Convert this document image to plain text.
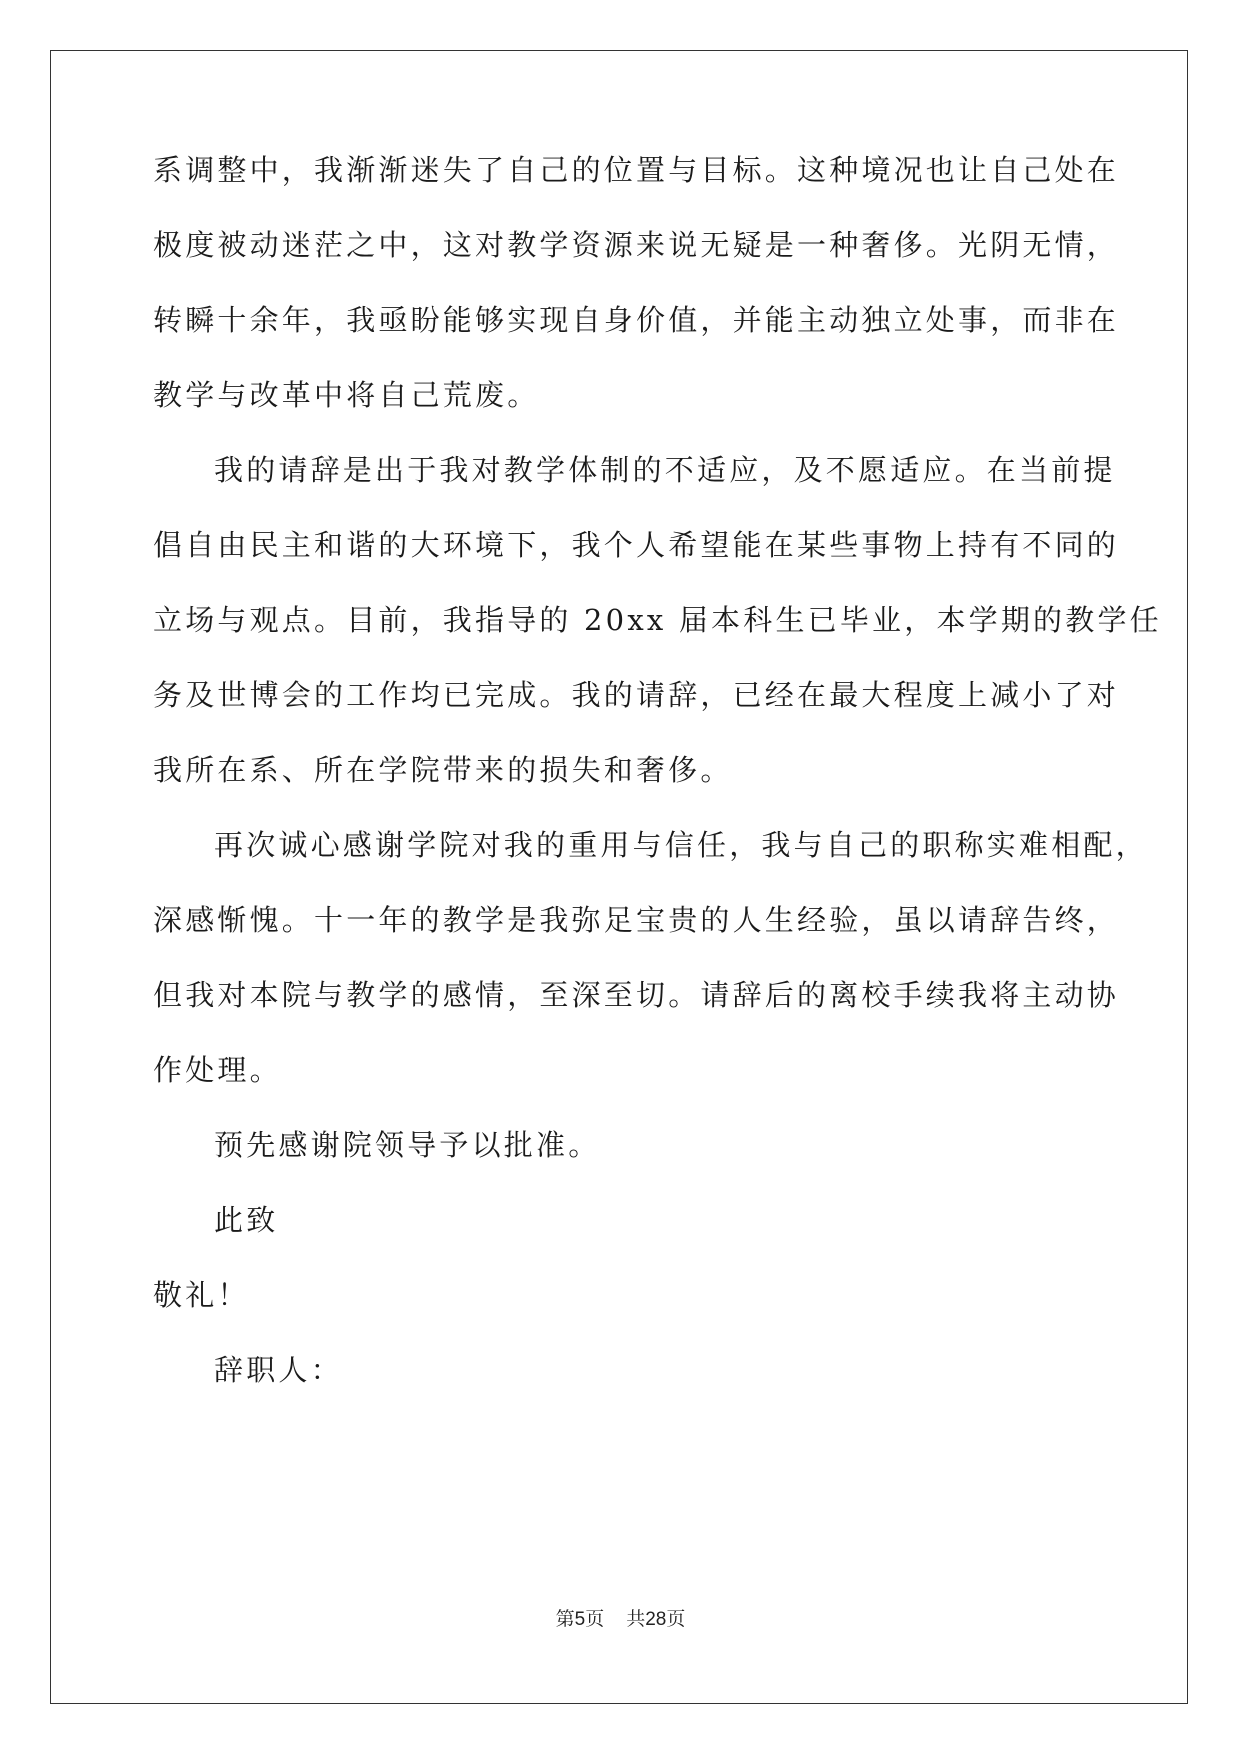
系调整中，我渐渐迷失了自己的位置与目标。这种境况也让自己处在
极度被动迷茫之中，这对教学资源来说无疑是一种奢侈。光阴无情，
转瞬十余年，我亟盼能够实现自身价值，并能主动独立处事，而非在
教学与改革中将自己荒废。
我的请辞是出于我对教学体制的不适应，及不愿适应。在当前提
倡自由民主和谐的大环境下，我个人希望能在某些事物上持有不同的
立场与观点。目前，我指导的 20xx 届本科生已毕业，本学期的教学任
务及世博会的工作均已完成。我的请辞，已经在最大程度上减小了对
我所在系、所在学院带来的损失和奢侈。
再次诚心感谢学院对我的重用与信任，我与自己的职称实难相配，
深感惭愧。十一年的教学是我弥足宝贵的人生经验，虽以请辞告终，
但我对本院与教学的感情，至深至切。请辞后的离校手续我将主动协
作处理。
预先感谢院领导予以批准。
此致
敬礼！
辞职人：
第5页 共28页
